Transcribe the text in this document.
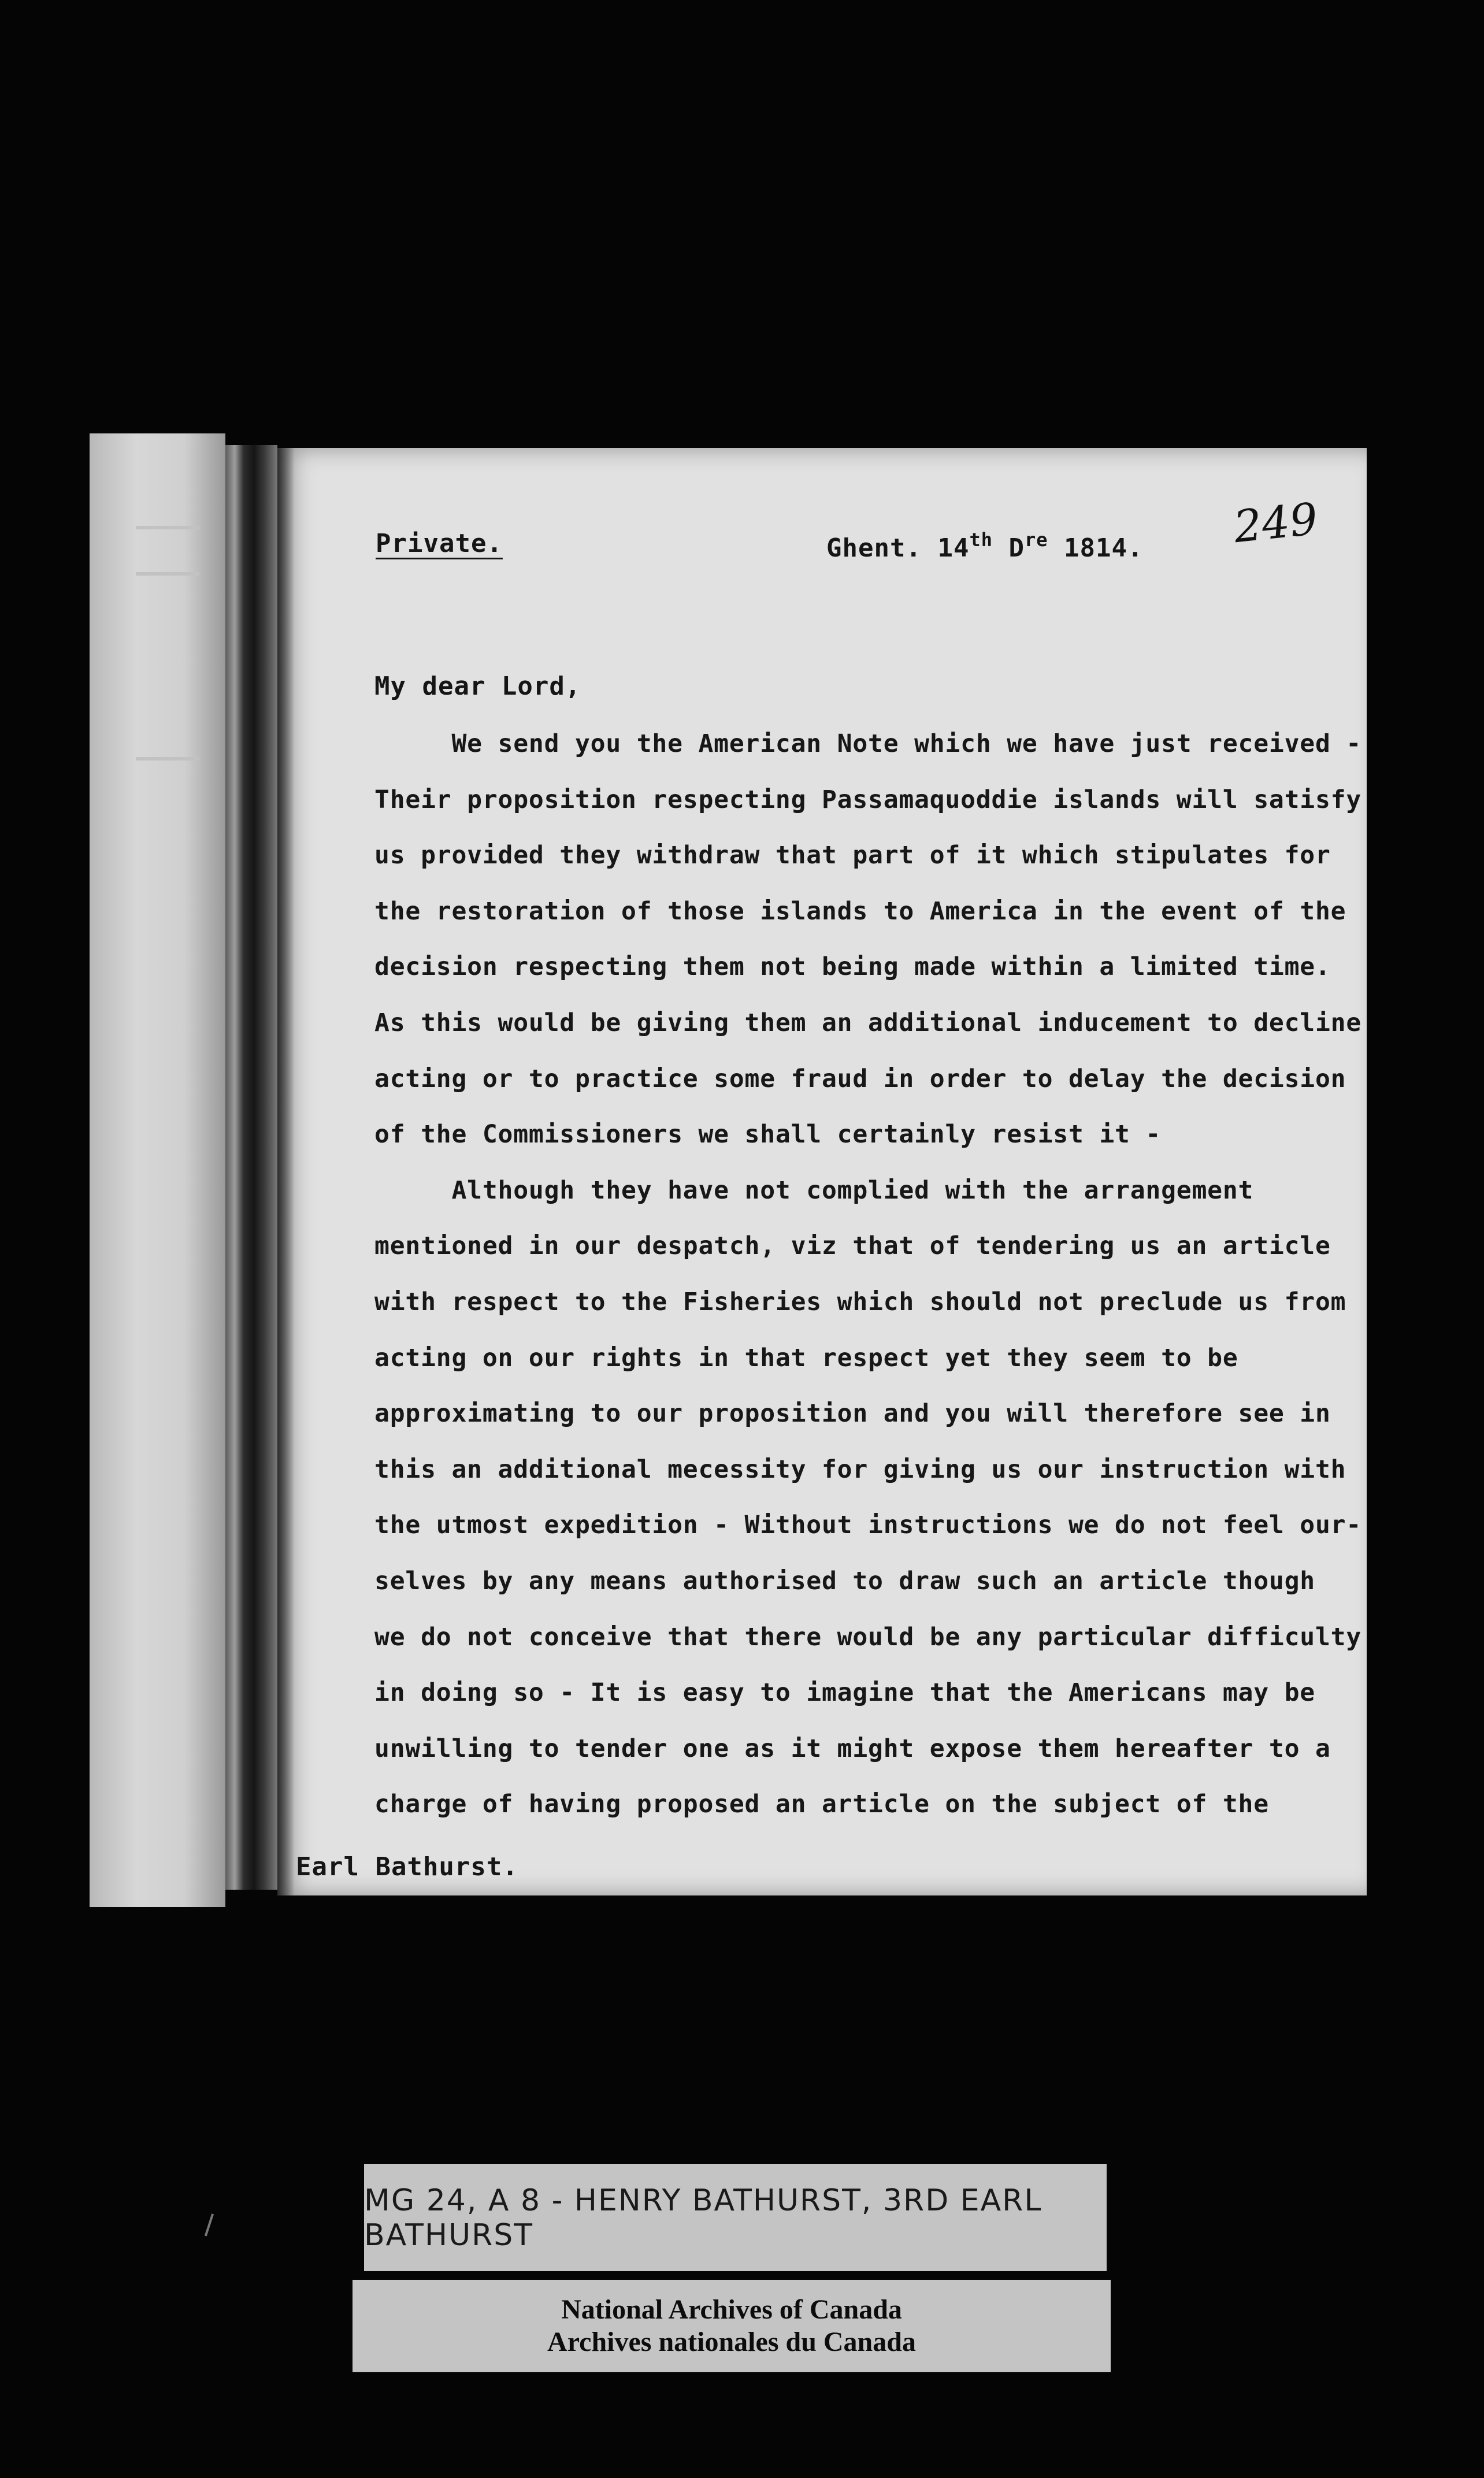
Private.	Ghent. 14th Dre 1814. 249
My dear Lord,
We send you the American Note which we have just received -
Their proposition respecting Passamaquoddie islands will satisfy
us provided they withdraw that part of it which stipulates for
the restoration of those islands to America in the event of the
decision respecting them not being made within a limited time.
As this would be giving them an additional inducement to decline
acting or to practice some fraud in order to delay the decision
of the Commissioners we shall certainly resist it -
Although they have not complied with the arrangement
mentioned in our despatch, viz that of tendering us an article
with respect to the Fisheries which should not preclude us from
acting on our rights in that respect yet they seem to be
approximating to our proposition and you will therefore see in
this an additional mecessity for giving us our instruction with
the utmost expedition - Without instructions we do not feel our-
selves by any means authorised to draw such an article though
we do not conceive that there would be any particular difficulty
in doing so - It is easy to imagine that the Americans may be
unwilling to tender one as it might expose them hereafter to a
charge of having proposed an article on the subject of the
Earl Bathurst.
MG 24, A 8 - HENRY BATHURST, 3RD EARL BATHURST
National Archives of Canada
Archives nationales du Canada
